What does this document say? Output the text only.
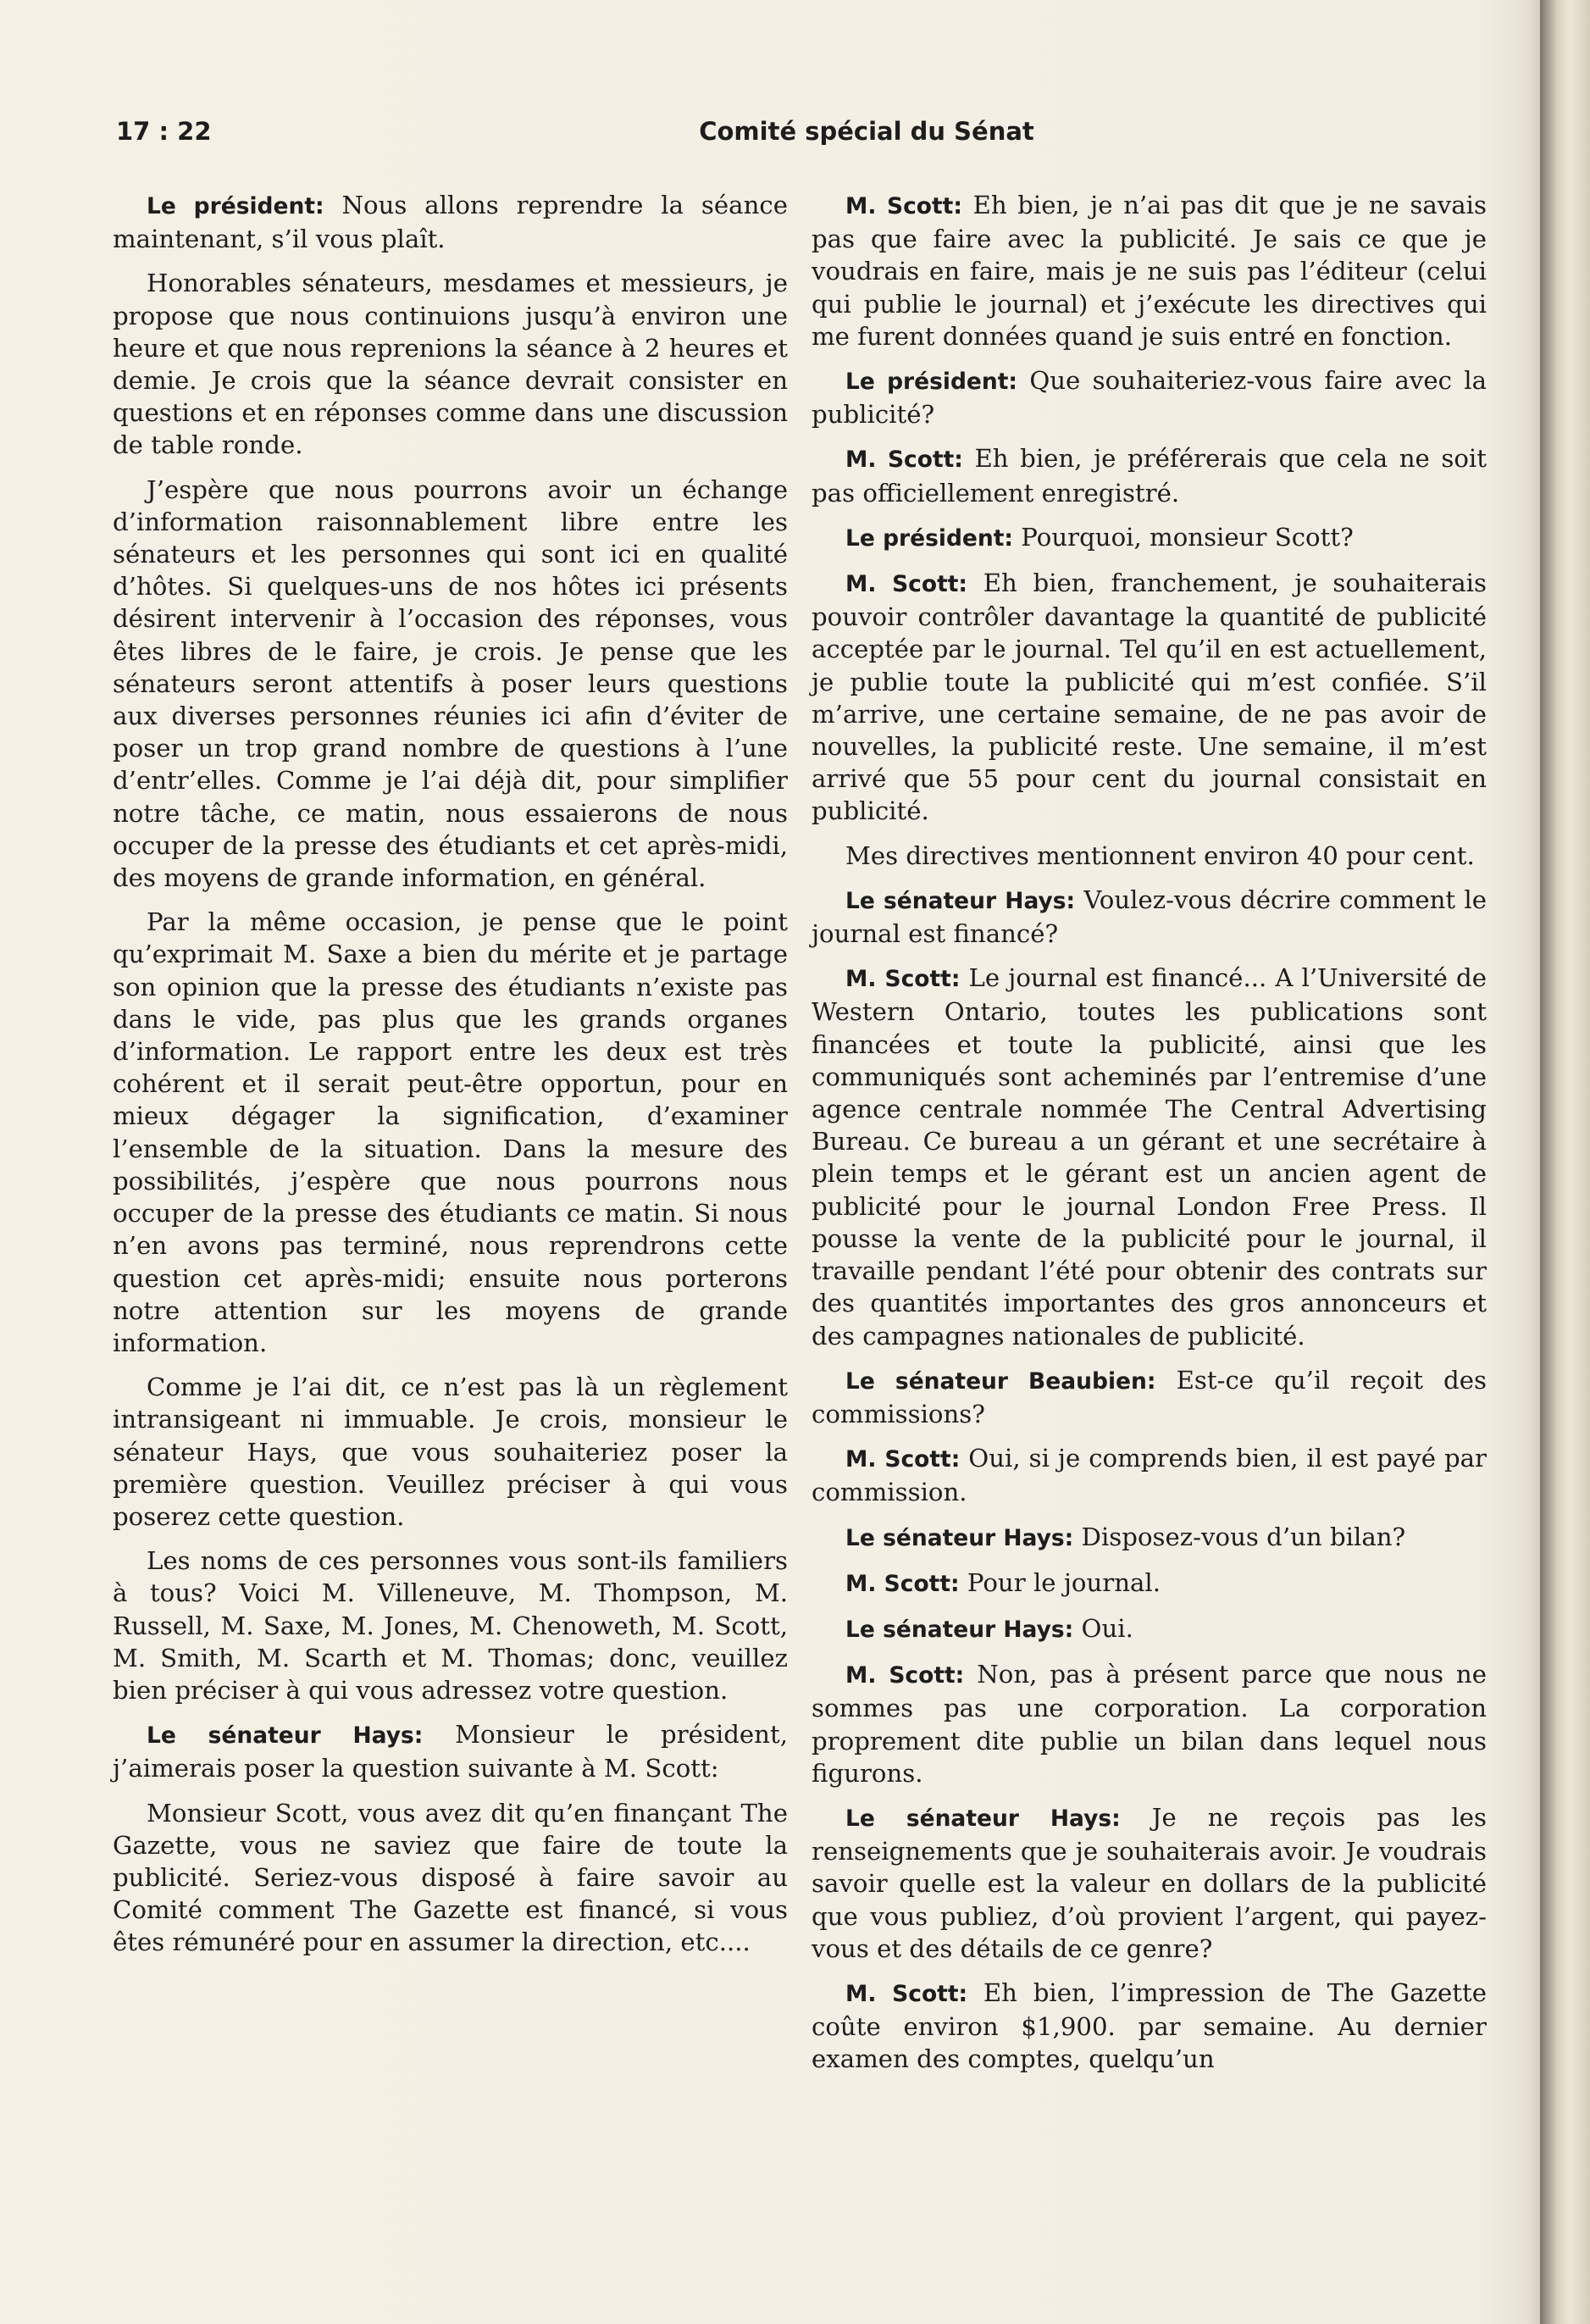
17 : 22	Comité spécial du Sénat

Le président: Nous allons reprendre la séance maintenant, s’il vous plaît.

Honorables sénateurs, mesdames et messieurs, je propose que nous continuions jusqu’à environ une heure et que nous reprenions la séance à 2 heures et demie. Je crois que la séance devrait consister en questions et en réponses comme dans une discussion de table ronde.

J’espère que nous pourrons avoir un échange d’information raisonnablement libre entre les sénateurs et les personnes qui sont ici en qualité d’hôtes. Si quelques-uns de nos hôtes ici présents désirent intervenir à l’occasion des réponses, vous êtes libres de le faire, je crois. Je pense que les sénateurs seront attentifs à poser leurs questions aux diverses personnes réunies ici afin d’éviter de poser un trop grand nombre de questions à l’une d’entr’elles. Comme je l’ai déjà dit, pour simplifier notre tâche, ce matin, nous essaierons de nous occuper de la presse des étudiants et cet après-midi, des moyens de grande information, en général.

Par la même occasion, je pense que le point qu’exprimait M. Saxe a bien du mérite et je partage son opinion que la presse des étudiants n’existe pas dans le vide, pas plus que les grands organes d’information. Le rapport entre les deux est très cohérent et il serait peut-être opportun, pour en mieux dégager la signification, d’examiner l’ensemble de la situation. Dans la mesure des possibilités, j’espère que nous pourrons nous occuper de la presse des étudiants ce matin. Si nous n’en avons pas terminé, nous reprendrons cette question cet après-midi; ensuite nous porterons notre attention sur les moyens de grande information.

Comme je l’ai dit, ce n’est pas là un règlement intransigeant ni immuable. Je crois, monsieur le sénateur Hays, que vous souhaiteriez poser la première question. Veuillez préciser à qui vous poserez cette question.

Les noms de ces personnes vous sont-ils familiers à tous? Voici M. Villeneuve, M. Thompson, M. Russell, M. Saxe, M. Jones, M. Chenoweth, M. Scott, M. Smith, M. Scarth et M. Thomas; donc, veuillez bien préciser à qui vous adressez votre question.

Le sénateur Hays: Monsieur le président, j’aimerais poser la question suivante à M. Scott:

Monsieur Scott, vous avez dit qu’en finançant The Gazette, vous ne saviez que faire de toute la publicité. Seriez-vous disposé à faire savoir au Comité comment The Gazette est financé, si vous êtes rémunéré pour en assumer la direction, etc....

M. Scott: Eh bien, je n’ai pas dit que je ne savais pas que faire avec la publicité. Je sais ce que je voudrais en faire, mais je ne suis pas l’éditeur (celui qui publie le journal) et j’exécute les directives qui me furent données quand je suis entré en fonction.

Le président: Que souhaiteriez-vous faire avec la publicité?

M. Scott: Eh bien, je préférerais que cela ne soit pas officiellement enregistré.

Le président: Pourquoi, monsieur Scott?

M. Scott: Eh bien, franchement, je souhaiterais pouvoir contrôler davantage la quantité de publicité acceptée par le journal. Tel qu’il en est actuellement, je publie toute la publicité qui m’est confiée. S’il m’arrive, une certaine semaine, de ne pas avoir de nouvelles, la publicité reste. Une semaine, il m’est arrivé que 55 pour cent du journal consistait en publicité.

Mes directives mentionnent environ 40 pour cent.

Le sénateur Hays: Voulez-vous décrire comment le journal est financé?

M. Scott: Le journal est financé... A l’Université de Western Ontario, toutes les publications sont financées et toute la publicité, ainsi que les communiqués sont acheminés par l’entremise d’une agence centrale nommée The Central Advertising Bureau. Ce bureau a un gérant et une secrétaire à plein temps et le gérant est un ancien agent de publicité pour le journal London Free Press. Il pousse la vente de la publicité pour le journal, il travaille pendant l’été pour obtenir des contrats sur des quantités importantes des gros annonceurs et des campagnes nationales de publicité.

Le sénateur Beaubien: Est-ce qu’il reçoit des commissions?

M. Scott: Oui, si je comprends bien, il est payé par commission.

Le sénateur Hays: Disposez-vous d’un bilan?

M. Scott: Pour le journal.

Le sénateur Hays: Oui.

M. Scott: Non, pas à présent parce que nous ne sommes pas une corporation. La corporation proprement dite publie un bilan dans lequel nous figurons.

Le sénateur Hays: Je ne reçois pas les renseignements que je souhaiterais avoir. Je voudrais savoir quelle est la valeur en dollars de la publicité que vous publiez, d’où provient l’argent, qui payez-vous et des détails de ce genre?

M. Scott: Eh bien, l’impression de The Gazette coûte environ $1,900. par semaine. Au dernier examen des comptes, quelqu’un
